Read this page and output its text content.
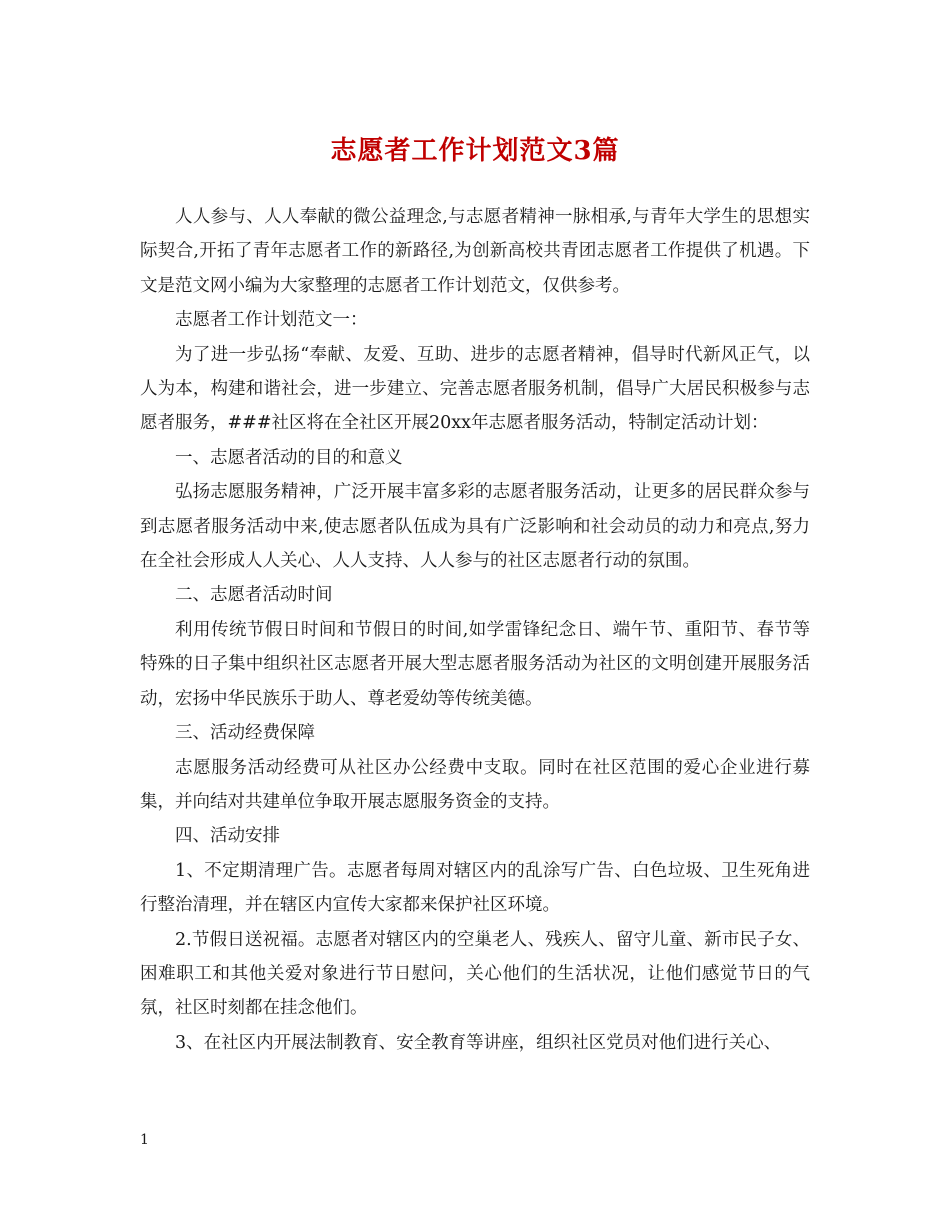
志愿者工作计划范文3篇

人人参与、人人奉献的微公益理念,与志愿者精神一脉相承,与青年大学生的思想实际契合,开拓了青年志愿者工作的新路径,为创新高校共青团志愿者工作提供了机遇。下文是范文网小编为大家整理的志愿者工作计划范文，仅供参考。

志愿者工作计划范文一：

为了进一步弘扬“奉献、友爱、互助、进步的志愿者精神，倡导时代新风正气，以人为本，构建和谐社会，进一步建立、完善志愿者服务机制，倡导广大居民积极参与志愿者服务，###社区将在全社区开展20xx年志愿者服务活动，特制定活动计划：

一、志愿者活动的目的和意义

弘扬志愿服务精神，广泛开展丰富多彩的志愿者服务活动，让更多的居民群众参与到志愿者服务活动中来,使志愿者队伍成为具有广泛影响和社会动员的动力和亮点,努力在全社会形成人人关心、人人支持、人人参与的社区志愿者行动的氛围。

二、志愿者活动时间

利用传统节假日时间和节假日的时间,如学雷锋纪念日、端午节、重阳节、春节等特殊的日子集中组织社区志愿者开展大型志愿者服务活动为社区的文明创建开展服务活动，宏扬中华民族乐于助人、尊老爱幼等传统美德。

三、活动经费保障

志愿服务活动经费可从社区办公经费中支取。同时在社区范围的爱心企业进行募集，并向结对共建单位争取开展志愿服务资金的支持。

四、活动安排

1、不定期清理广告。志愿者每周对辖区内的乱涂写广告、白色垃圾、卫生死角进行整治清理，并在辖区内宣传大家都来保护社区环境。

2.节假日送祝福。志愿者对辖区内的空巢老人、残疾人、留守儿童、新市民子女、困难职工和其他关爱对象进行节日慰问，关心他们的生活状况，让他们感觉节日的气氛，社区时刻都在挂念他们。

3、在社区内开展法制教育、安全教育等讲座，组织社区党员对他们进行关心、

1
